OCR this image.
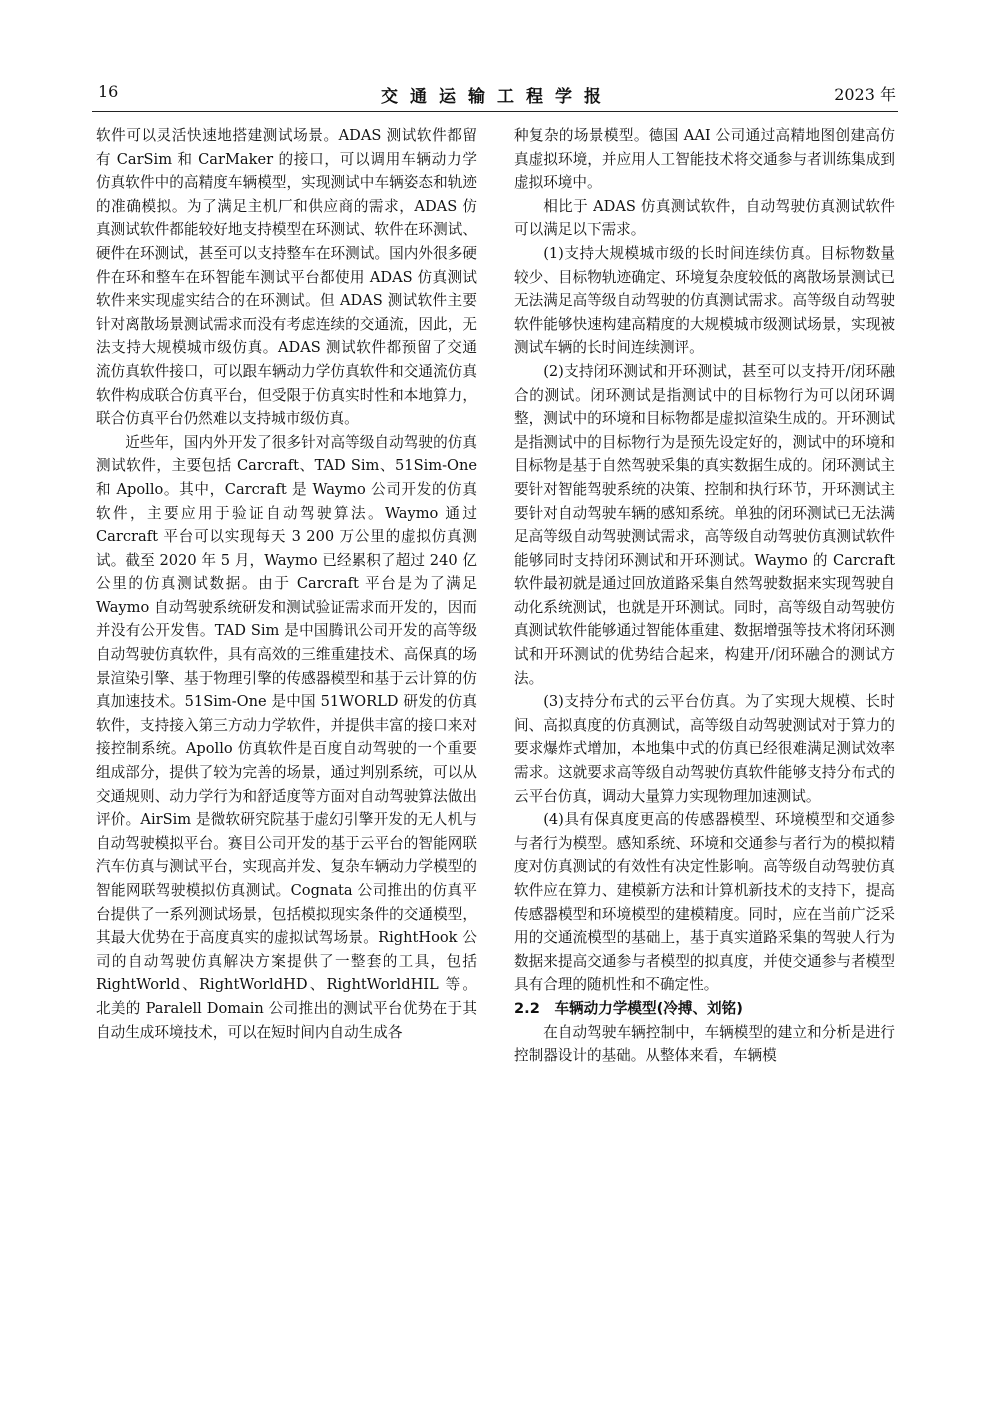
16	交通运输工程学报	2023 年

软件可以灵活快速地搭建测试场景。ADAS 测试软件都留有 CarSim 和 CarMaker 的接口，可以调用车辆动力学仿真软件中的高精度车辆模型，实现测试中车辆姿态和轨迹的准确模拟。为了满足主机厂和供应商的需求，ADAS 仿真测试软件都能较好地支持模型在环测试、软件在环测试、硬件在环测试，甚至可以支持整车在环测试。国内外很多硬件在环和整车在环智能车测试平台都使用 ADAS 仿真测试软件来实现虚实结合的在环测试。但 ADAS 测试软件主要针对离散场景测试需求而没有考虑连续的交通流，因此，无法支持大规模城市级仿真。ADAS 测试软件都预留了交通流仿真软件接口，可以跟车辆动力学仿真软件和交通流仿真软件构成联合仿真平台，但受限于仿真实时性和本地算力，联合仿真平台仍然难以支持城市级仿真。

近些年，国内外开发了很多针对高等级自动驾驶的仿真测试软件，主要包括 Carcraft、TAD Sim、51Sim-One 和 Apollo。其中，Carcraft 是 Waymo 公司开发的仿真软件，主要应用于验证自动驾驶算法。Waymo 通过 Carcraft 平台可以实现每天 3 200 万公里的虚拟仿真测试。截至 2020 年 5 月，Waymo 已经累积了超过 240 亿公里的仿真测试数据。由于 Carcraft 平台是为了满足 Waymo 自动驾驶系统研发和测试验证需求而开发的，因而并没有公开发售。TAD Sim 是中国腾讯公司开发的高等级自动驾驶仿真软件，具有高效的三维重建技术、高保真的场景渲染引擎、基于物理引擎的传感器模型和基于云计算的仿真加速技术。51Sim-One 是中国 51WORLD 研发的仿真软件，支持接入第三方动力学软件，并提供丰富的接口来对接控制系统。Apollo 仿真软件是百度自动驾驶的一个重要组成部分，提供了较为完善的场景，通过判别系统，可以从交通规则、动力学行为和舒适度等方面对自动驾驶算法做出评价。AirSim 是微软研究院基于虚幻引擎开发的无人机与自动驾驶模拟平台。赛目公司开发的基于云平台的智能网联汽车仿真与测试平台，实现高并发、复杂车辆动力学模型的智能网联驾驶模拟仿真测试。Cognata 公司推出的仿真平台提供了一系列测试场景，包括模拟现实条件的交通模型，其最大优势在于高度真实的虚拟试驾场景。RightHook 公司的自动驾驶仿真解决方案提供了一整套的工具，包括 RightWorld、RightWorldHD、RightWorldHIL 等。北美的 Paralell Domain 公司推出的测试平台优势在于其自动生成环境技术，可以在短时间内自动生成各

种复杂的场景模型。德国 AAI 公司通过高精地图创建高仿真虚拟环境，并应用人工智能技术将交通参与者训练集成到虚拟环境中。

相比于 ADAS 仿真测试软件，自动驾驶仿真测试软件可以满足以下需求。

(1)支持大规模城市级的长时间连续仿真。目标物数量较少、目标物轨迹确定、环境复杂度较低的离散场景测试已无法满足高等级自动驾驶的仿真测试需求。高等级自动驾驶软件能够快速构建高精度的大规模城市级测试场景，实现被测试车辆的长时间连续测评。

(2)支持闭环测试和开环测试，甚至可以支持开/闭环融合的测试。闭环测试是指测试中的目标物行为可以闭环调整，测试中的环境和目标物都是虚拟渲染生成的。开环测试是指测试中的目标物行为是预先设定好的，测试中的环境和目标物是基于自然驾驶采集的真实数据生成的。闭环测试主要针对智能驾驶系统的决策、控制和执行环节，开环测试主要针对自动驾驶车辆的感知系统。单独的闭环测试已无法满足高等级自动驾驶测试需求，高等级自动驾驶仿真测试软件能够同时支持闭环测试和开环测试。Waymo 的 Carcraft 软件最初就是通过回放道路采集自然驾驶数据来实现驾驶自动化系统测试，也就是开环测试。同时，高等级自动驾驶仿真测试软件能够通过智能体重建、数据增强等技术将闭环测试和开环测试的优势结合起来，构建开/闭环融合的测试方法。

(3)支持分布式的云平台仿真。为了实现大规模、长时间、高拟真度的仿真测试，高等级自动驾驶测试对于算力的要求爆炸式增加，本地集中式的仿真已经很难满足测试效率需求。这就要求高等级自动驾驶仿真软件能够支持分布式的云平台仿真，调动大量算力实现物理加速测试。

(4)具有保真度更高的传感器模型、环境模型和交通参与者行为模型。感知系统、环境和交通参与者行为的模拟精度对仿真测试的有效性有决定性影响。高等级自动驾驶仿真软件应在算力、建模新方法和计算机新技术的支持下，提高传感器模型和环境模型的建模精度。同时，应在当前广泛采用的交通流模型的基础上，基于真实道路采集的驾驶人行为数据来提高交通参与者模型的拟真度，并使交通参与者模型具有合理的随机性和不确定性。

2.2　车辆动力学模型(冷搏、刘铭)

在自动驾驶车辆控制中，车辆模型的建立和分析是进行控制器设计的基础。从整体来看，车辆模
